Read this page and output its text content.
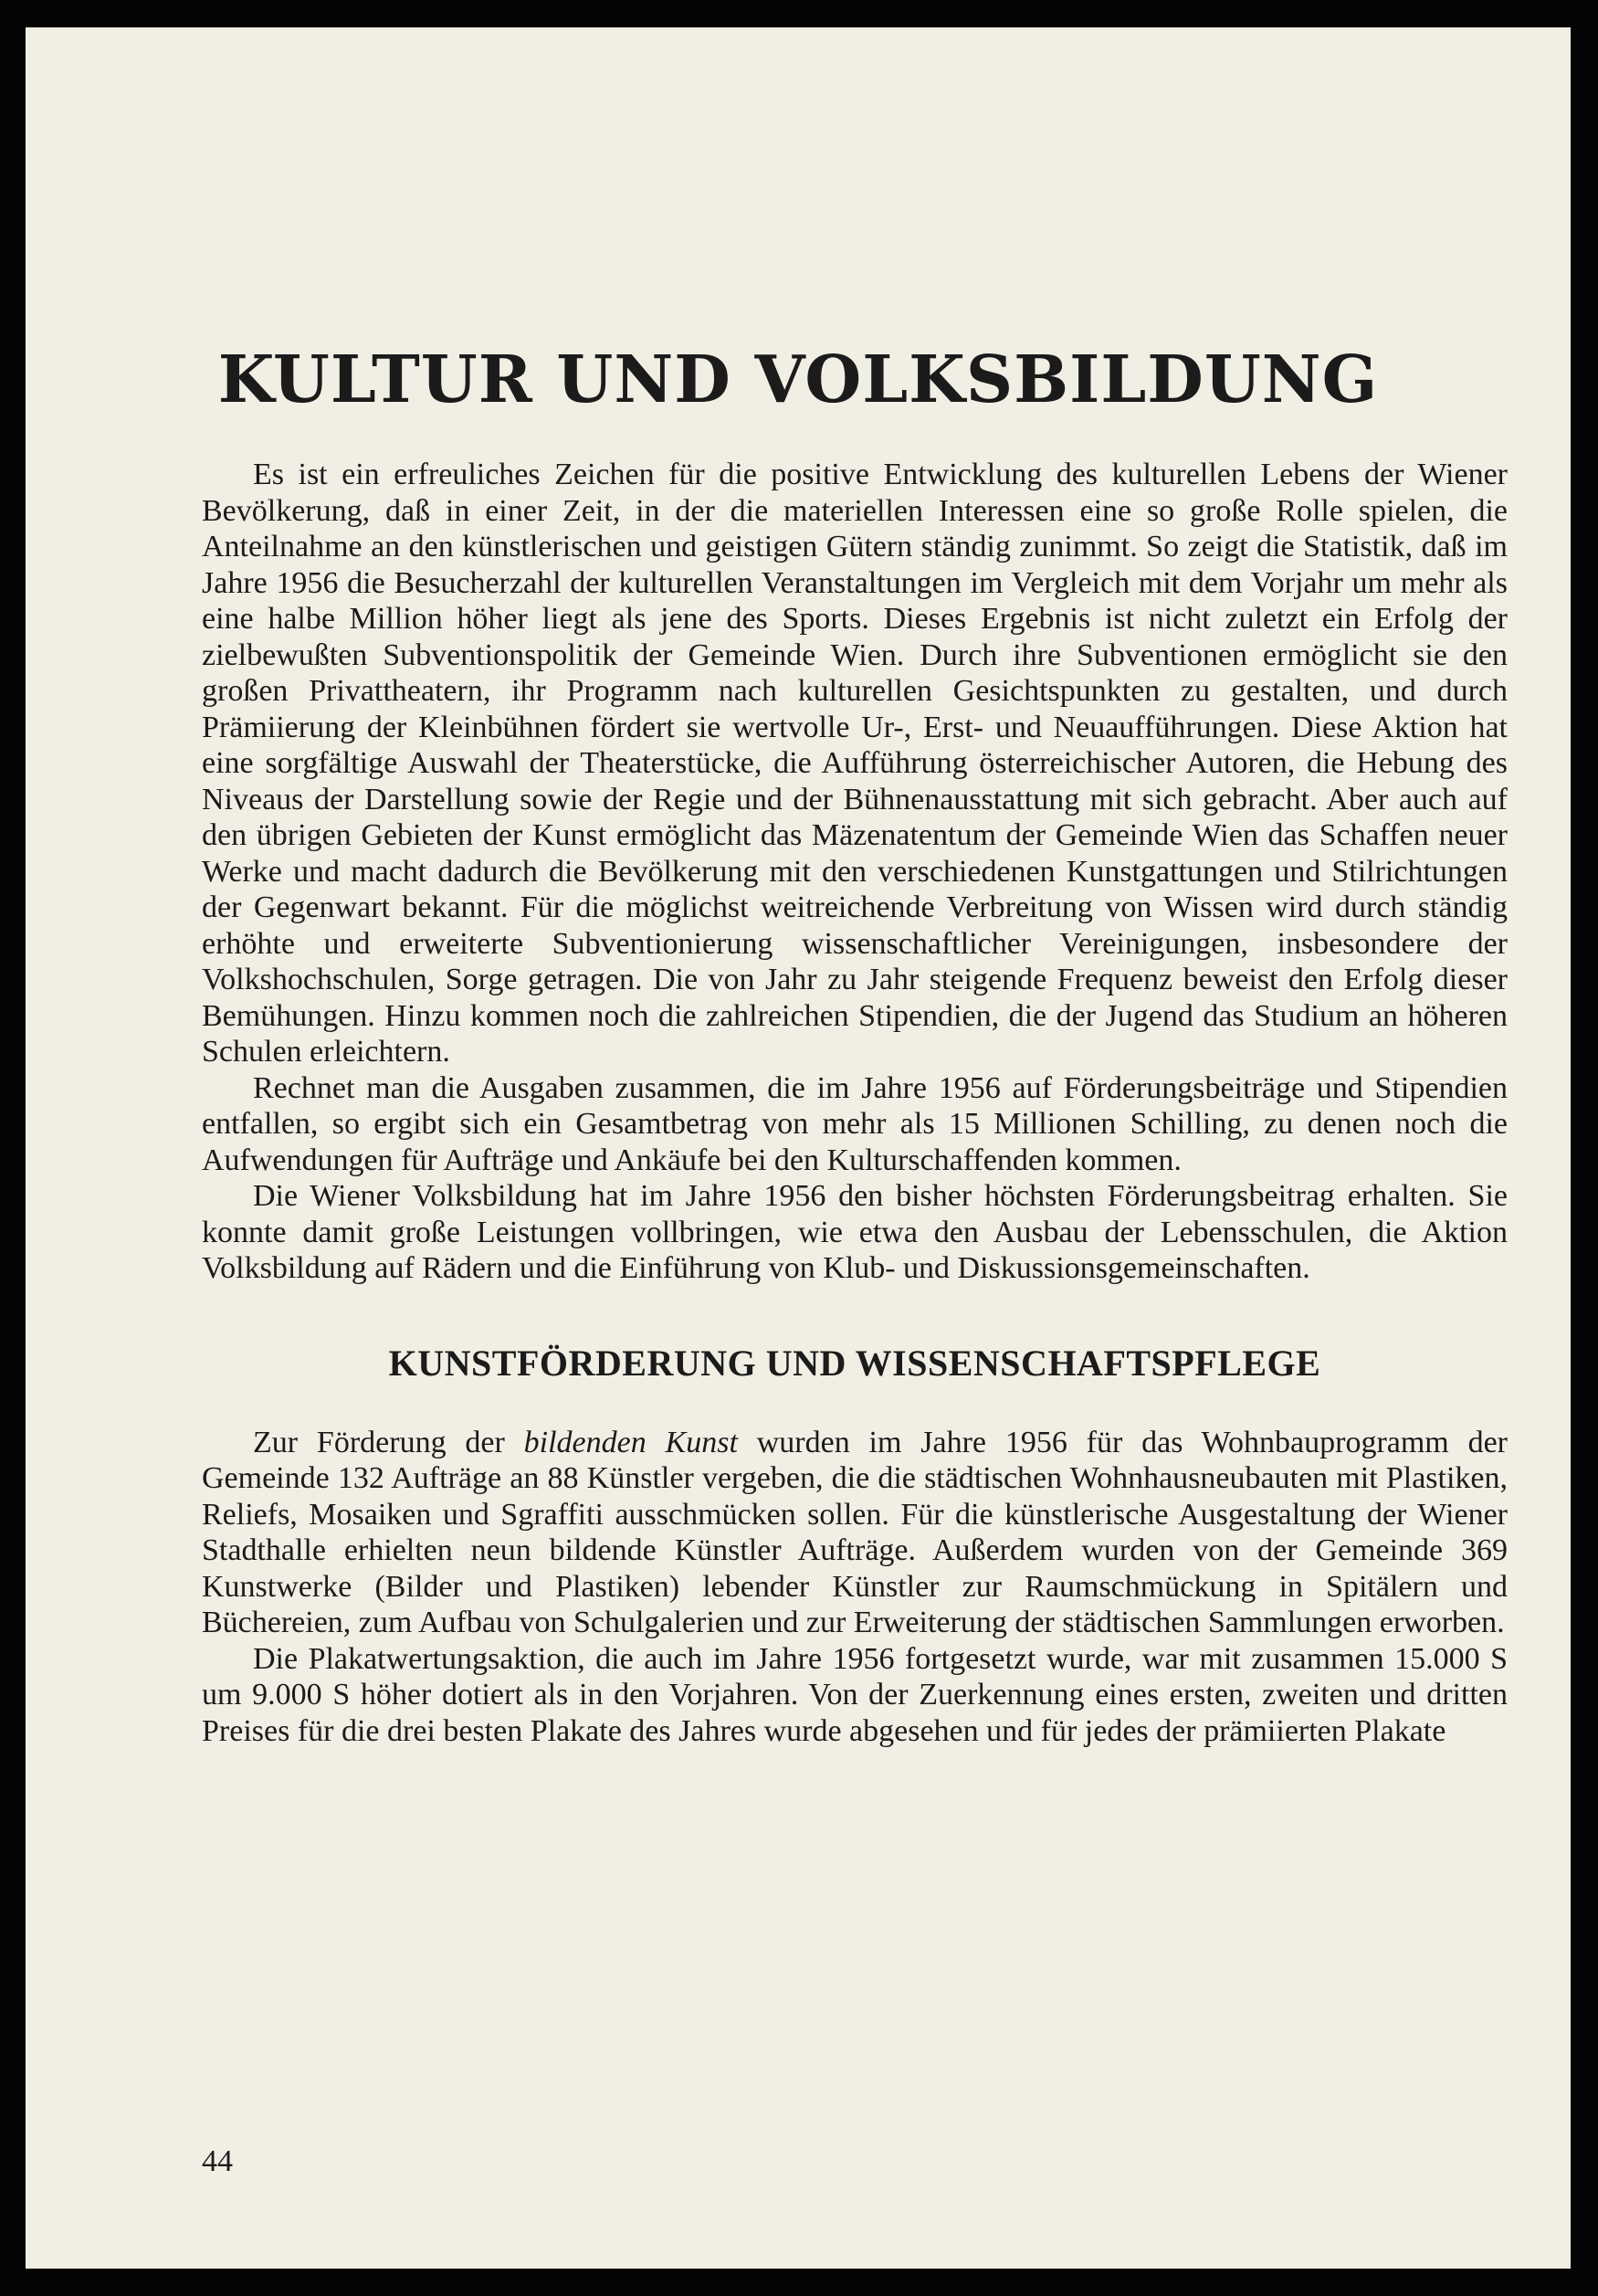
KULTUR UND VOLKSBILDUNG

Es ist ein erfreuliches Zeichen für die positive Entwicklung des kulturellen Lebens der Wiener Bevölkerung, daß in einer Zeit, in der die materiellen Interessen eine so große Rolle spielen, die Anteilnahme an den künstlerischen und geistigen Gütern ständig zunimmt. So zeigt die Statistik, daß im Jahre 1956 die Besucherzahl der kulturellen Veranstaltungen im Vergleich mit dem Vorjahr um mehr als eine halbe Million höher liegt als jene des Sports. Dieses Ergebnis ist nicht zuletzt ein Erfolg der zielbewußten Subventionspolitik der Gemeinde Wien. Durch ihre Subventionen ermöglicht sie den großen Privattheatern, ihr Programm nach kulturellen Gesichtspunkten zu gestalten, und durch Prämiierung der Kleinbühnen fördert sie wertvolle Ur-, Erst- und Neuaufführungen. Diese Aktion hat eine sorgfältige Auswahl der Theaterstücke, die Aufführung österreichischer Autoren, die Hebung des Niveaus der Darstellung sowie der Regie und der Bühnenausstattung mit sich gebracht. Aber auch auf den übrigen Gebieten der Kunst ermöglicht das Mäzenatentum der Gemeinde Wien das Schaffen neuer Werke und macht dadurch die Bevölkerung mit den verschiedenen Kunstgattungen und Stilrichtungen der Gegenwart bekannt. Für die möglichst weitreichende Verbreitung von Wissen wird durch ständig erhöhte und erweiterte Subventionierung wissenschaftlicher Vereinigungen, insbesondere der Volkshochschulen, Sorge getragen. Die von Jahr zu Jahr steigende Frequenz beweist den Erfolg dieser Bemühungen. Hinzu kommen noch die zahlreichen Stipendien, die der Jugend das Studium an höheren Schulen erleichtern.

Rechnet man die Ausgaben zusammen, die im Jahre 1956 auf Förderungsbeiträge und Stipendien entfallen, so ergibt sich ein Gesamtbetrag von mehr als 15 Millionen Schilling, zu denen noch die Aufwendungen für Aufträge und Ankäufe bei den Kulturschaffenden kommen.

Die Wiener Volksbildung hat im Jahre 1956 den bisher höchsten Förderungsbeitrag erhalten. Sie konnte damit große Leistungen vollbringen, wie etwa den Ausbau der Lebensschulen, die Aktion Volksbildung auf Rädern und die Einführung von Klub- und Diskussionsgemeinschaften.

KUNSTFÖRDERUNG UND WISSENSCHAFTSPFLEGE

Zur Förderung der bildenden Kunst wurden im Jahre 1956 für das Wohnbauprogramm der Gemeinde 132 Aufträge an 88 Künstler vergeben, die die städtischen Wohnhausneubauten mit Plastiken, Reliefs, Mosaiken und Sgraffiti ausschmücken sollen. Für die künstlerische Ausgestaltung der Wiener Stadthalle erhielten neun bildende Künstler Aufträge. Außerdem wurden von der Gemeinde 369 Kunstwerke (Bilder und Plastiken) lebender Künstler zur Raumschmückung in Spitälern und Büchereien, zum Aufbau von Schulgalerien und zur Erweiterung der städtischen Sammlungen erworben.

Die Plakatwertungsaktion, die auch im Jahre 1956 fortgesetzt wurde, war mit zusammen 15.000 S um 9.000 S höher dotiert als in den Vorjahren. Von der Zuerkennung eines ersten, zweiten und dritten Preises für die drei besten Plakate des Jahres wurde abgesehen und für jedes der prämiierten Plakate

44
